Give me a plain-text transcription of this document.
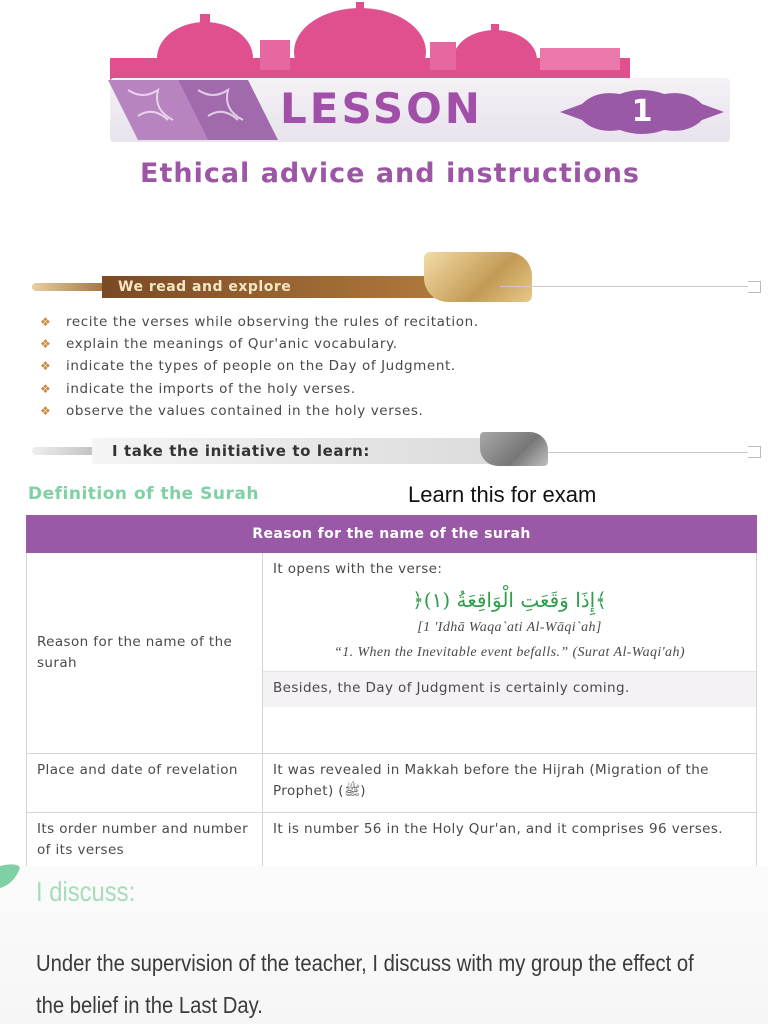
LESSON	1
Ethical advice and instructions
We read and explore
❖ recite the verses while observing the rules of recitation.
❖ explain the meanings of Qur'anic vocabulary.
❖ indicate the types of people on the Day of Judgment.
❖ indicate the imports of the holy verses.
❖ observe the values contained in the holy verses.
I take the initiative to learn:
Definition of the Surah	Learn this for exam
Reason for the name of the surah	
Reason for the name of the surah	It opens with the verse:
﴿إِذَا وَقَعَتِ الْوَاقِعَةُ (١)﴾
[1 'Idhā Waqa`ati Al-Wāqi`ah]
“1. When the Inevitable event befalls.” (Surat Al-Waqi'ah)
Besides, the Day of Judgment is certainly coming.

Place and date of revelation	It was revealed in Makkah before the Hijrah (Migration of the Prophet) (ﷺ)
Its order number and number of its verses	It is number 56 in the Holy Qur'an, and it comprises 96 verses.
I discuss:
Under the supervision of the teacher, I discuss with my group the effect of
the belief in the Last Day.
